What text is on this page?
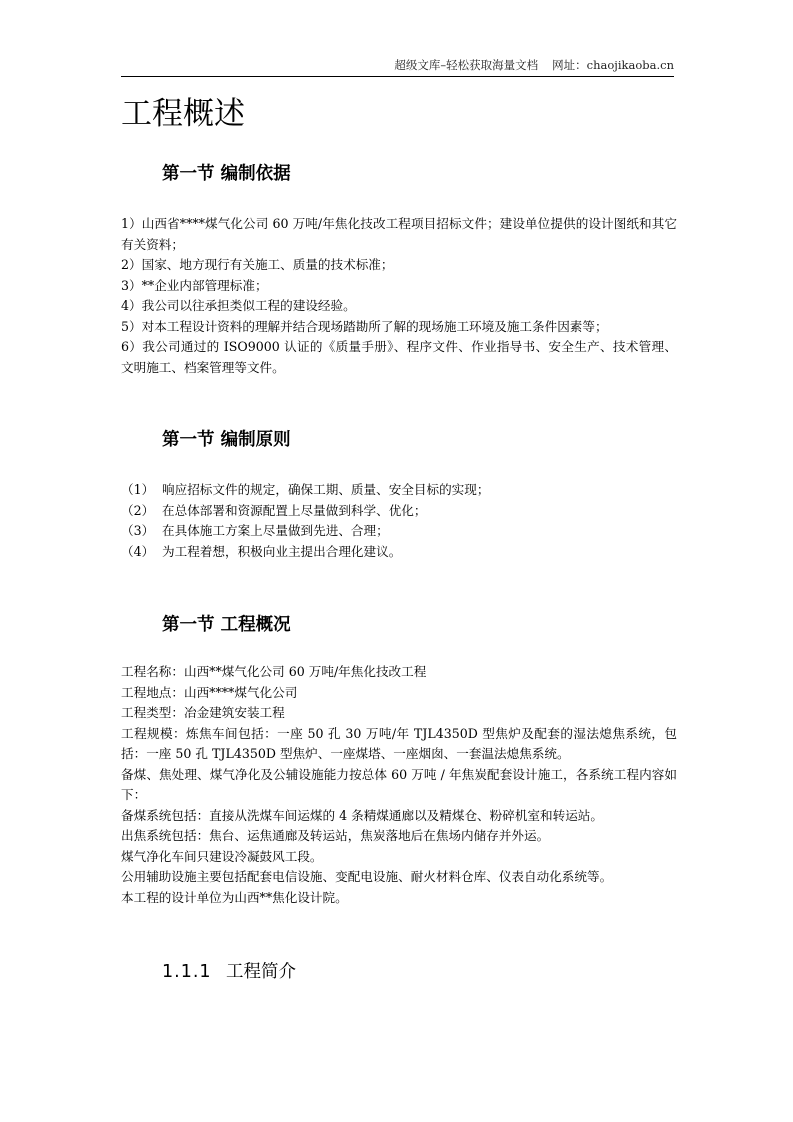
超级文库–轻松获取海量文档 网址：chaojikaoba.cn
工程概述
第一节 编制依据

1）山西省****煤气化公司 60 万吨/年焦化技改工程项目招标文件；建设单位提供的设计图纸和其它有关资料；

2）国家、地方现行有关施工、质量的技术标准；

3）**企业内部管理标准；

4）我公司以往承担类似工程的建设经验。

5）对本工程设计资料的理解并结合现场踏勘所了解的现场施工环境及施工条件因素等；

6）我公司通过的 ISO9000 认证的《质量手册》、程序文件、作业指导书、安全生产、技术管理、文明施工、档案管理等文件。

第一节 编制原则
（1） 响应招标文件的规定，确保工期、质量、安全目标的实现；
（2） 在总体部署和资源配置上尽量做到科学、优化；
（3） 在具体施工方案上尽量做到先进、合理；
（4） 为工程着想，积极向业主提出合理化建议。
第一节 工程概况

工程名称：山西**煤气化公司 60 万吨/年焦化技改工程

工程地点：山西****煤气化公司

工程类型：冶金建筑安装工程

工程规模：炼焦车间包括：一座 50 孔 30 万吨/年 TJL4350D 型焦炉及配套的湿法熄焦系统，包括：一座 50 孔 TJL4350D 型焦炉、一座煤塔、一座烟囱、一套温法熄焦系统。

备煤、焦处理、煤气净化及公辅设施能力按总体 60 万吨 / 年焦炭配套设计施工，各系统工程内容如下：

备煤系统包括：直接从洗煤车间运煤的 4 条精煤通廊以及精煤仓、粉碎机室和转运站。

出焦系统包括：焦台、运焦通廊及转运站，焦炭落地后在焦场内储存并外运。

煤气净化车间只建设冷凝鼓风工段。

公用辅助设施主要包括配套电信设施、变配电设施、耐火材料仓库、仪表自动化系统等。

本工程的设计单位为山西**焦化设计院。

1.1.1 工程简介
